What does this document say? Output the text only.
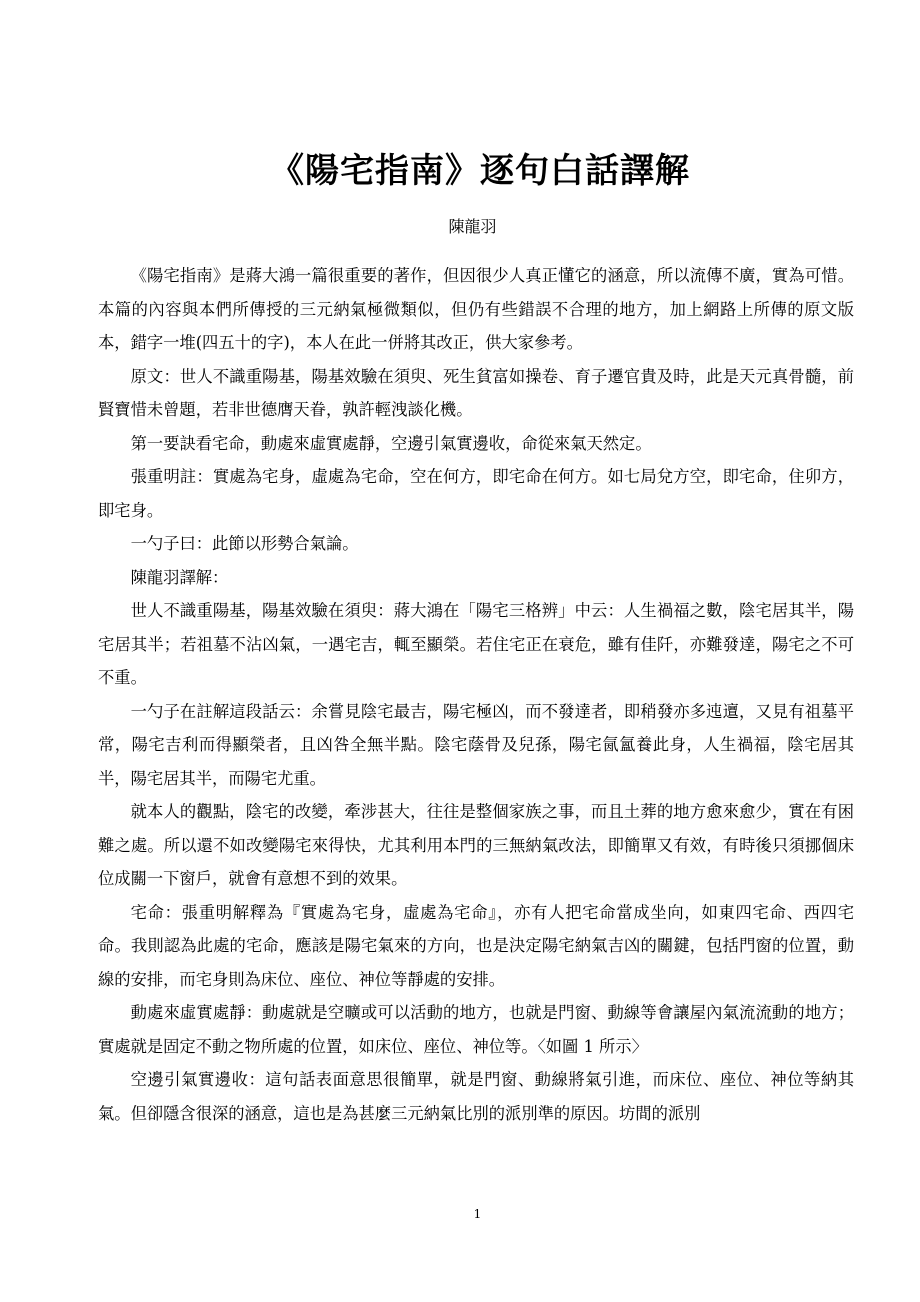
《陽宅指南》逐句白話譯解
陳龍羽

《陽宅指南》是蔣大鴻一篇很重要的著作，但因很少人真正懂它的涵意，所以流傳不廣，實為可惜。本篇的內容與本們所傳授的三元納氣極微類似，但仍有些錯誤不合理的地方，加上網路上所傳的原文版本，錯字一堆(四五十的字)，本人在此一併將其改正，供大家參考。

原文：世人不識重陽基，陽基效驗在須臾、死生貧富如操卷、育子遷官貴及時，此是天元真骨髓，前賢寶惜未曾題，若非世德膺天眷，孰許輕洩談化機。

第一要訣看宅命，動處來虛實處靜，空邊引氣實邊收，命從來氣天然定。

張重明註：實處為宅身，虛處為宅命，空在何方，即宅命在何方。如七局兌方空，即宅命，住卯方，即宅身。

一勺子曰：此節以形勢合氣論。

陳龍羽譯解：

世人不識重陽基，陽基效驗在須臾：蔣大鴻在「陽宅三格辨」中云：人生禍福之數，陰宅居其半，陽宅居其半；若祖墓不沾凶氣，一遇宅吉，輒至顯榮。若住宅正在衰危，雖有佳阡，亦難發達，陽宅之不可不重。

一勺子在註解這段話云：余嘗見陰宅最吉，陽宅極凶，而不發達者，即稍發亦多迍邅，又見有祖墓平常，陽宅吉利而得顯榮者，且凶咎全無半點。陰宅蔭骨及兒孫，陽宅氤氳養此身，人生禍福，陰宅居其半，陽宅居其半，而陽宅尤重。

就本人的觀點，陰宅的改變，牽涉甚大，往往是整個家族之事，而且土葬的地方愈來愈少，實在有困難之處。所以還不如改變陽宅來得快，尤其利用本門的三無納氣改法，即簡單又有效，有時後只須挪個床位成關一下窗戶，就會有意想不到的效果。

宅命：張重明解釋為『實處為宅身，虛處為宅命』，亦有人把宅命當成坐向，如東四宅命、西四宅命。我則認為此處的宅命，應該是陽宅氣來的方向，也是決定陽宅納氣吉凶的關鍵，包括門窗的位置，動線的安排，而宅身則為床位、座位、神位等靜處的安排。

動處來虛實處靜：動處就是空曠或可以活動的地方，也就是門窗、動線等會讓屋內氣流流動的地方；實處就是固定不動之物所處的位置，如床位、座位、神位等。〈如圖 1 所示〉

空邊引氣實邊收：這句話表面意思很簡單，就是門窗、動線將氣引進，而床位、座位、神位等納其氣。但卻隱含很深的涵意，這也是為甚麼三元納氣比別的派別準的原因。坊間的派別

1
